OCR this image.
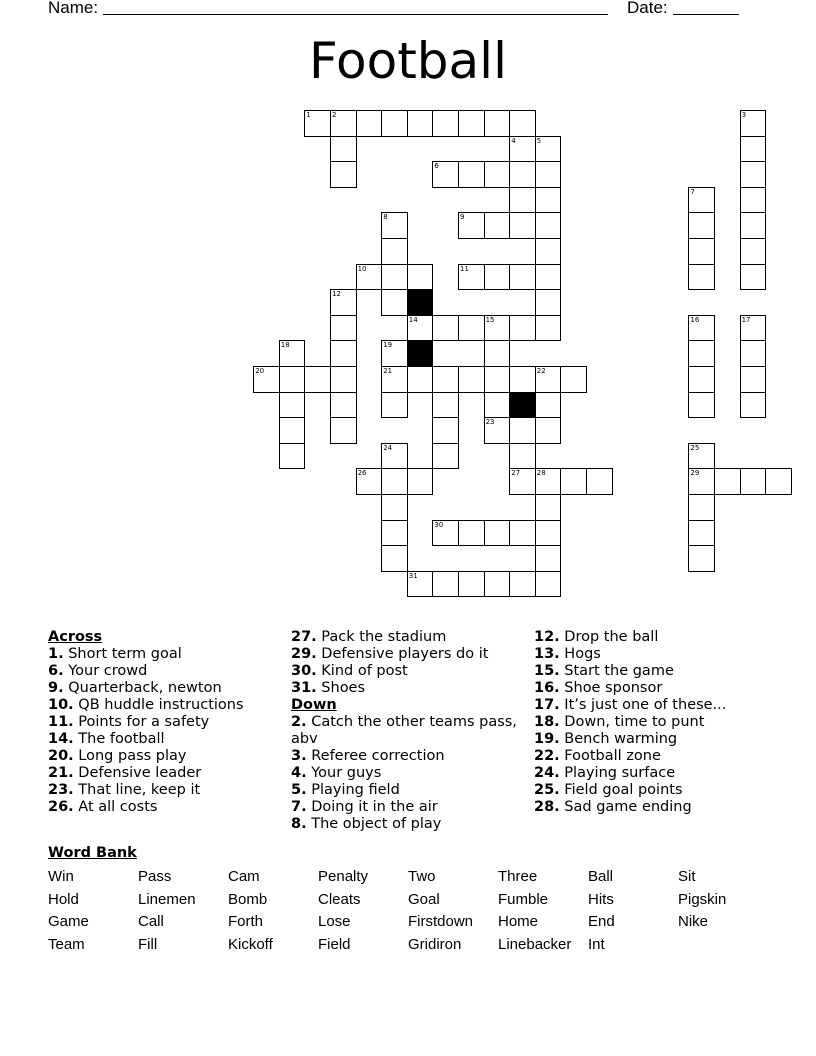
Name:	Date:
Football
1	2	3
4	5
6
7
8	9
10	11
12
14	15	16	17
18	19
20	21	22
23
24	25
26	27 28	29
30
31
Across
1. Short term goal
6. Your crowd
9. Quarterback, newton
10. QB huddle instructions
11. Points for a safety
14. The football
20. Long pass play
21. Defensive leader
23. That line, keep it
26. At all costs
27. Pack the stadium
29. Defensive players do it
30. Kind of post
31. Shoes
Down
2. Catch the other teams pass, abv
3. Referee correction
4. Your guys
5. Playing field
7. Doing it in the air
8. The object of play
12. Drop the ball
13. Hogs
15. Start the game
16. Shoe sponsor
17. It’s just one of these...
18. Down, time to punt
19. Bench warming
22. Football zone
24. Playing surface
25. Field goal points
28. Sad game ending
Word Bank
Win	Pass	Cam	Penalty	Two	Three	Ball	Sit
Hold	Linemen	Bomb	Cleats	Goal	Fumble	Hits	Pigskin
Game	Call	Forth	Lose	Firstdown	Home	End	Nike
Team	Fill	Kickoff	Field	Gridiron	Linebacker	Int
